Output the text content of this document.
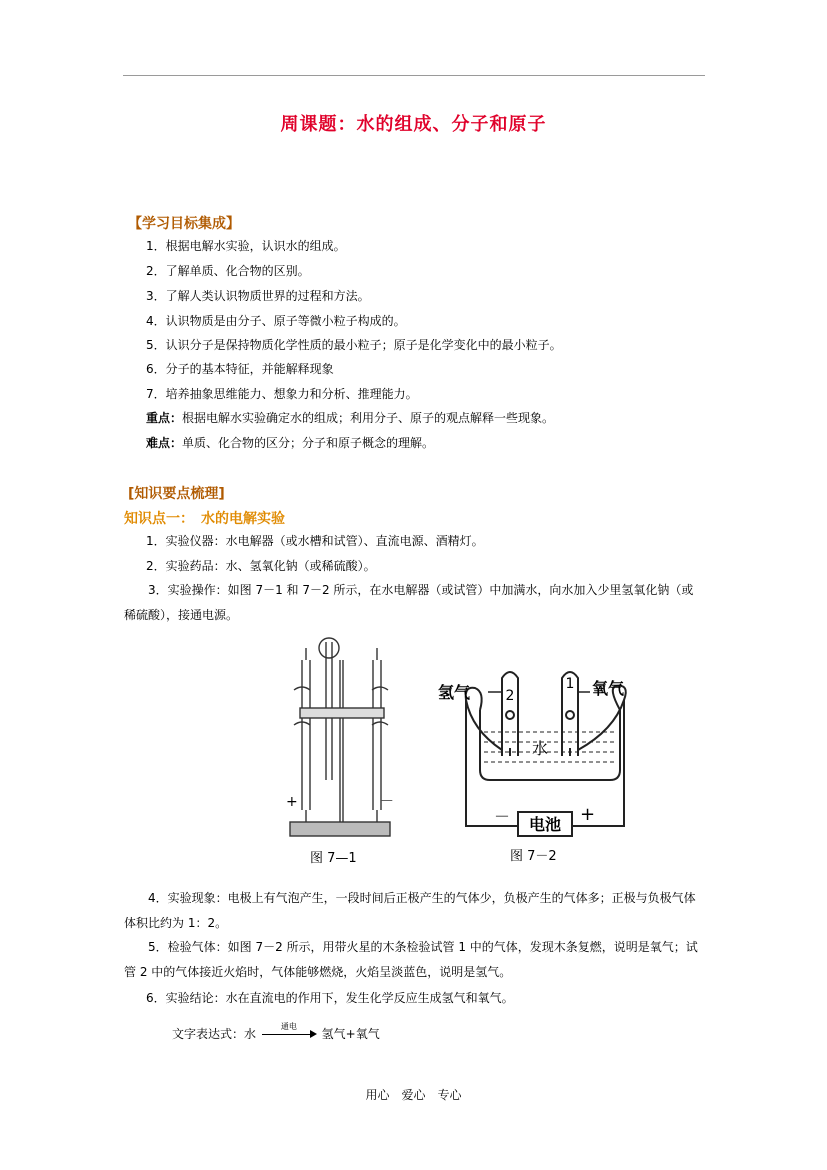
周课题：水的组成、分子和原子
【学习目标集成】
1．根据电解水实验，认识水的组成。
2．了解单质、化合物的区别。
3．了解人类认识物质世界的过程和方法。
4．认识物质是由分子、原子等微小粒子构成的。
5．认识分子是保持物质化学性质的最小粒子；原子是化学变化中的最小粒子。
6．分子的基本特征，并能解释现象
7．培养抽象思维能力、想象力和分析、推理能力。
重点：根据电解水实验确定水的组成；利用分子、原子的观点解释一些现象。
难点：单质、化合物的区分；分子和原子概念的理解。
[知识要点梳理]
知识点一：　水的电解实验
1．实验仪器：水电解器（或水槽和试管）、直流电源、酒精灯。
2．实验药品：水、氢氧化钠（或稀硫酸）。
3．实验操作：如图 7－1 和 7－2 所示，在水电解器（或试管）中加满水，向水加入少里氢氧化钠（或稀硫酸），接通电源。
+	－
图 7—1
2
1
氢气	氧气
水
电池
－	+
图 7－2
4．实验现象：电极上有气泡产生，一段时间后正极产生的气体少，负极产生的气体多；正极与负极气体体积比约为 1：2。
5．检验气体：如图 7－2 所示，用带火星的木条检验试管 1 中的气体，发现木条复燃，说明是氧气；试管 2 中的气体接近火焰时，气体能够燃烧，火焰呈淡蓝色，说明是氢气。
6．实验结论：水在直流电的作用下，发生化学反应生成氢气和氧气。
文字表达式：水
通电
氢气+氧气
用心　爱心　专心
